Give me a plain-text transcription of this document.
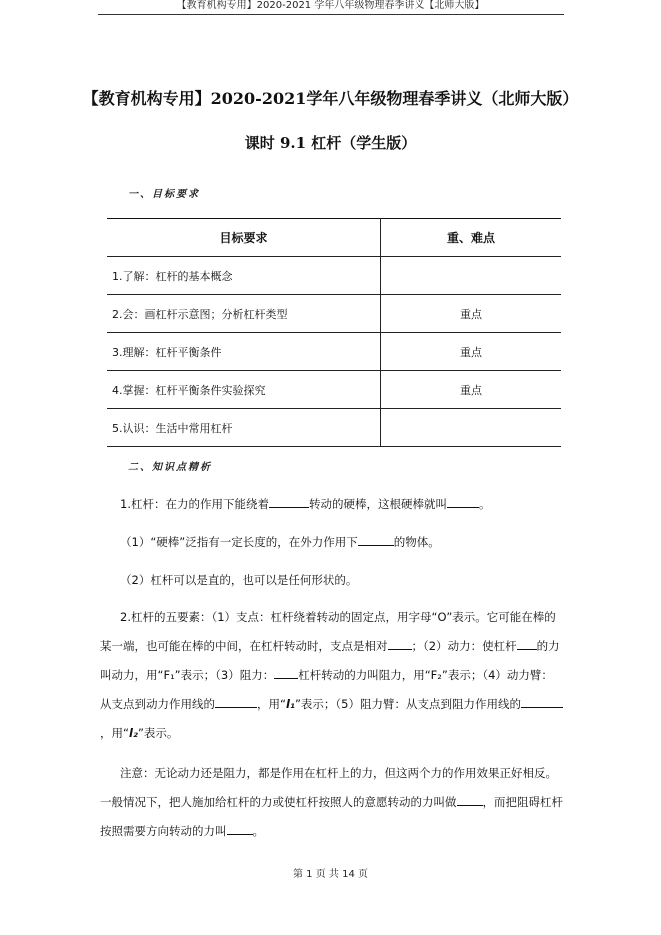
【教育机构专用】2020-2021 学年八年级物理春季讲义【北师大版】
【教育机构专用】2020-2021学年八年级物理春季讲义（北师大版）
课时 9.1 杠杆（学生版）
一、目标要求
目标要求	重、难点
1.了解：杠杆的基本概念	
2.会：画杠杆示意图；分析杠杆类型	重点
3.理解：杠杆平衡条件	重点
4.掌握：杠杆平衡条件实验探究	重点
5.认识：生活中常用杠杆	
二、知识点精析
1.杠杆：在力的作用下能绕着	转动的硬棒，这根硬棒就叫	。
（1）“硬棒”泛指有一定长度的，在外力作用下	的物体。
（2）杠杆可以是直的，也可以是任何形状的。
2.杠杆的五要素：（1）支点：杠杆绕着转动的固定点，用字母“O”表示。它可能在棒的某一端，也可能在棒的中间，在杠杆转动时，支点是相对 ；（2）动力：使杠杆 的力叫动力，用“F₁”表示；（3）阻力： 杠杆转动的力叫阻力，用“F₂”表示；（4）动力臂：从支点到动力作用线的	，用“l₁”表示；（5）阻力臂：从支点到阻力作用线的，用“l₂”表示。
注意：无论动力还是阻力，都是作用在杠杆上的力，但这两个力的作用效果正好相反。一般情况下，把人施加给杠杆的力或使杠杆按照人的意愿转动的力叫做 ，而把阻碍杠杆按照需要方向转动的力叫 。
第 1 页 共 14 页
